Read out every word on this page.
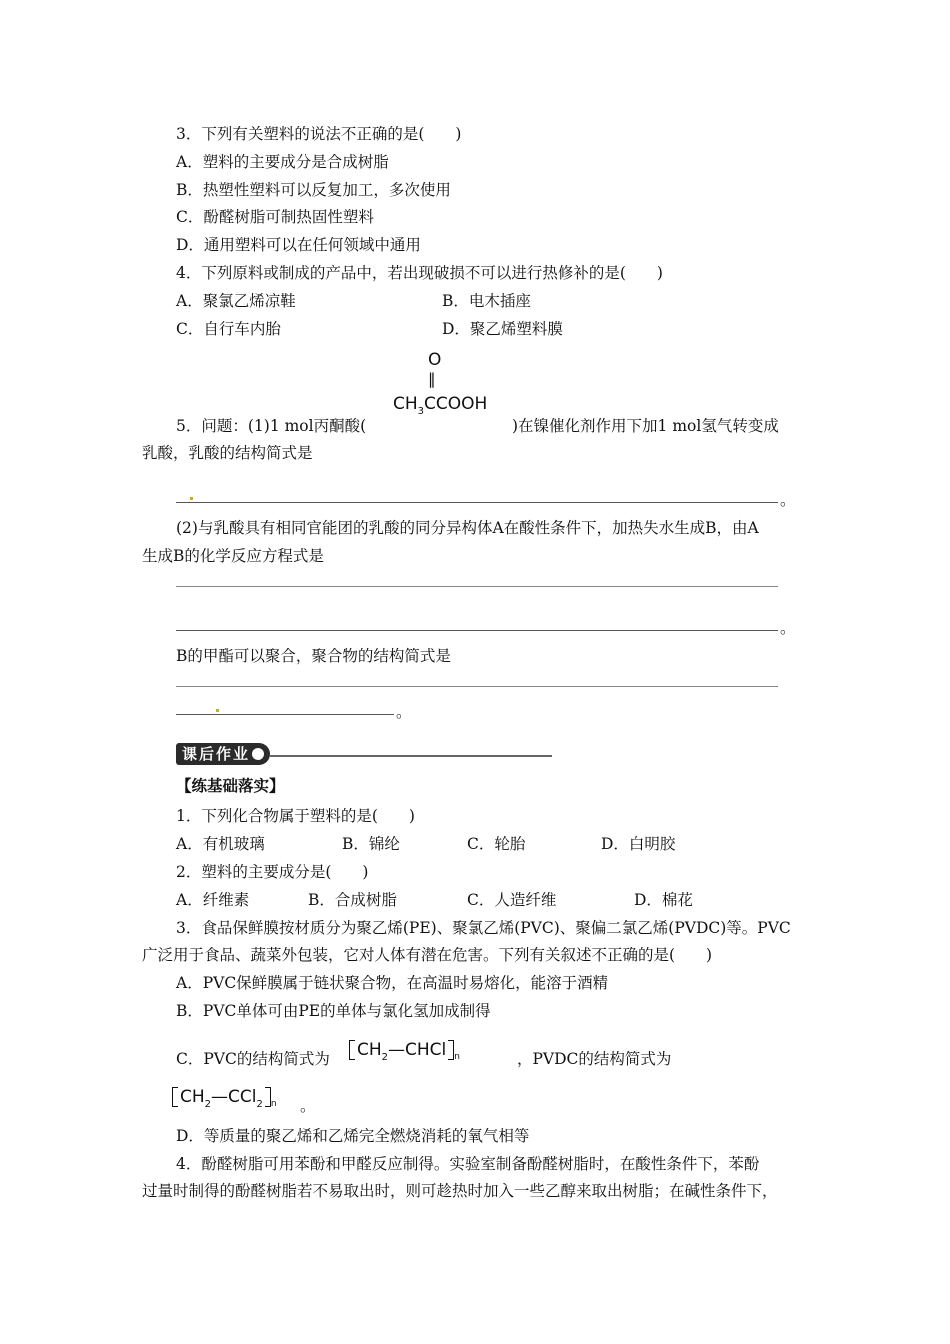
3．下列有关塑料的说法不正确的是(　　)
A．塑料的主要成分是合成树脂
B．热塑性塑料可以反复加工，多次使用
C．酚醛树脂可制热固性塑料
D．通用塑料可以在任何领域中通用
4．下列原料或制成的产品中，若出现破损不可以进行热修补的是(　　)
A．聚氯乙烯凉鞋	B．电木插座
C．自行车内胎	D．聚乙烯塑料膜
O
‖
$CH_3CCOOH$
5．问题：(1)1 mol丙酮酸(	)在镍催化剂作用下加1 mol氢气转变成
乳酸，乳酸的结构简式是
。
(2)与乳酸具有相同官能团的乳酸的同分异构体A在酸性条件下，加热失水生成B，由A
生成B的化学反应方程式是
。
B的甲酯可以聚合，聚合物的结构简式是
。
课后作业
【练基础落实】
1．下列化合物属于塑料的是(　　)
A．有机玻璃	B．锦纶	C．轮胎	D．白明胶
2．塑料的主要成分是(　　)
A．纤维素	B．合成树脂	C．人造纤维	D．棉花
3．食品保鲜膜按材质分为聚乙烯(PE)、聚氯乙烯(PVC)、聚偏二氯乙烯(PVDC)等。PVC
广泛用于食品、蔬菜外包装，它对人体有潜在危害。下列有关叙述不正确的是(　　)
A．PVC保鲜膜属于链状聚合物，在高温时易熔化，能溶于酒精
B．PVC单体可由PE的单体与氯化氢加成制得
C．PVC的结构简式为	$CH_2—CHCl$ $_n$	，PVDC的结构简式为
$CH_2—CCl_2$ $_n$ 。
D．等质量的聚乙烯和乙烯完全燃烧消耗的氧气相等
4．酚醛树脂可用苯酚和甲醛反应制得。实验室制备酚醛树脂时，在酸性条件下，苯酚
过量时制得的酚醛树脂若不易取出时，则可趁热时加入一些乙醇来取出树脂；在碱性条件下，
